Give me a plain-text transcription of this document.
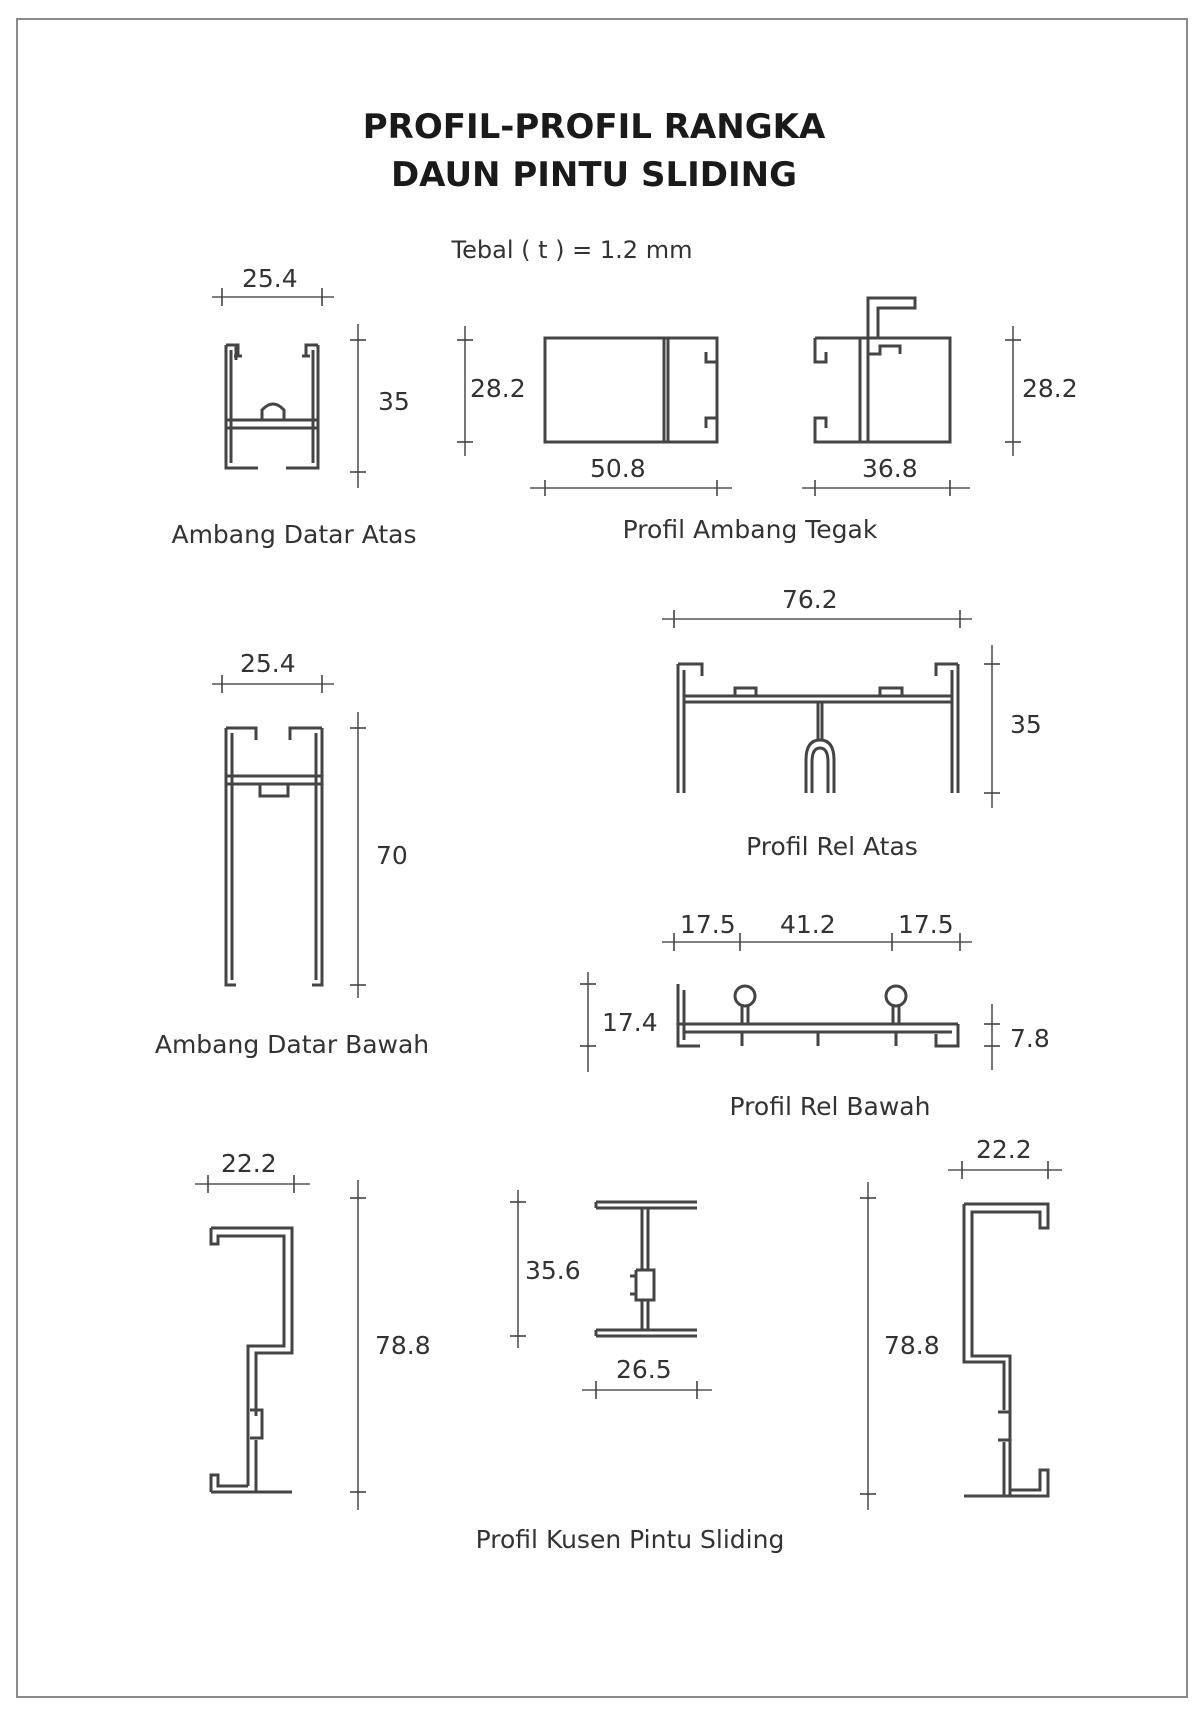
PROFIL-PROFIL RANGKA
DAUN PINTU SLIDING
Tebal ( t ) = 1.2 mm
25.4
35
Ambang Datar Atas
28.2
50.8	36.8
28.2
Profil Ambang Tegak
25.4
70
Ambang Datar Bawah
76.2
35
Profil Rel Atas
17.5 41.2 17.5
17.4
7.8
Profil Rel Bawah
22.2
78.8
35.6
26.5
22.2
78.8
Profil Kusen Pintu Sliding
